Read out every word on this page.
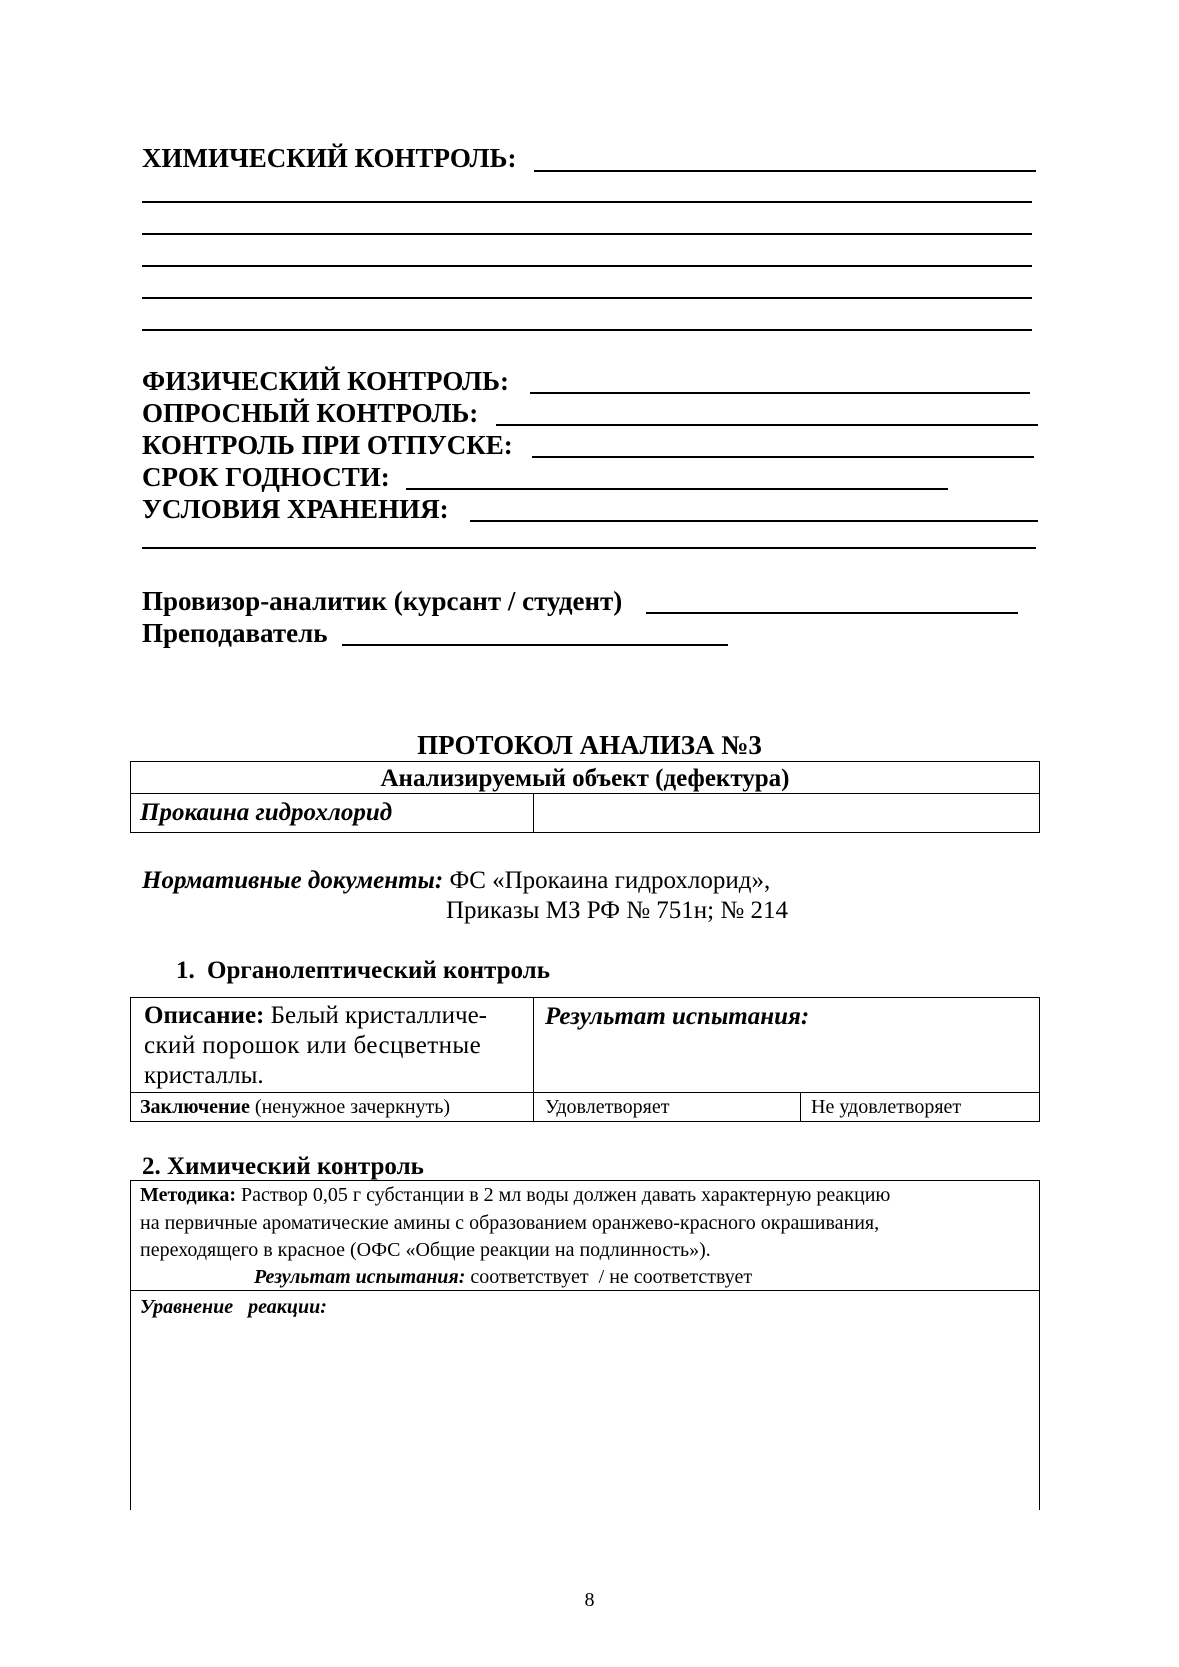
ХИМИЧЕСКИЙ КОНТРОЛЬ:
ФИЗИЧЕСКИЙ КОНТРОЛЬ:
ОПРОСНЫЙ КОНТРОЛЬ:
КОНТРОЛЬ ПРИ ОТПУСКЕ:
СРОК ГОДНОСТИ:
УСЛОВИЯ ХРАНЕНИЯ:
Провизор-аналитик (курсант / студент)
Преподаватель
ПРОТОКОЛ АНАЛИЗА №3
Анализируемый объект (дефектура)
Прокаина гидрохлорид
Нормативные документы: ФС «Прокаина гидрохлорид»,
Приказы МЗ РФ № 751н; № 214
1. Органолептический контроль
Описание: Белый кристалличе-
ский порошок или бесцветные
кристаллы.
Результат испытания:
Заключение (ненужное зачеркнуть)	Удовлетворяет	Не удовлетворяет
2. Химический контроль
Методика: Раствор 0,05 г субстанции в 2 мл воды должен давать характерную реакцию
на первичные ароматические амины с образованием оранжево-красного окрашивания,
переходящего в красное (ОФС «Общие реакции на подлинность»).
Результат испытания: соответствует  / не соответствует
Уравнение   реакции:
8
